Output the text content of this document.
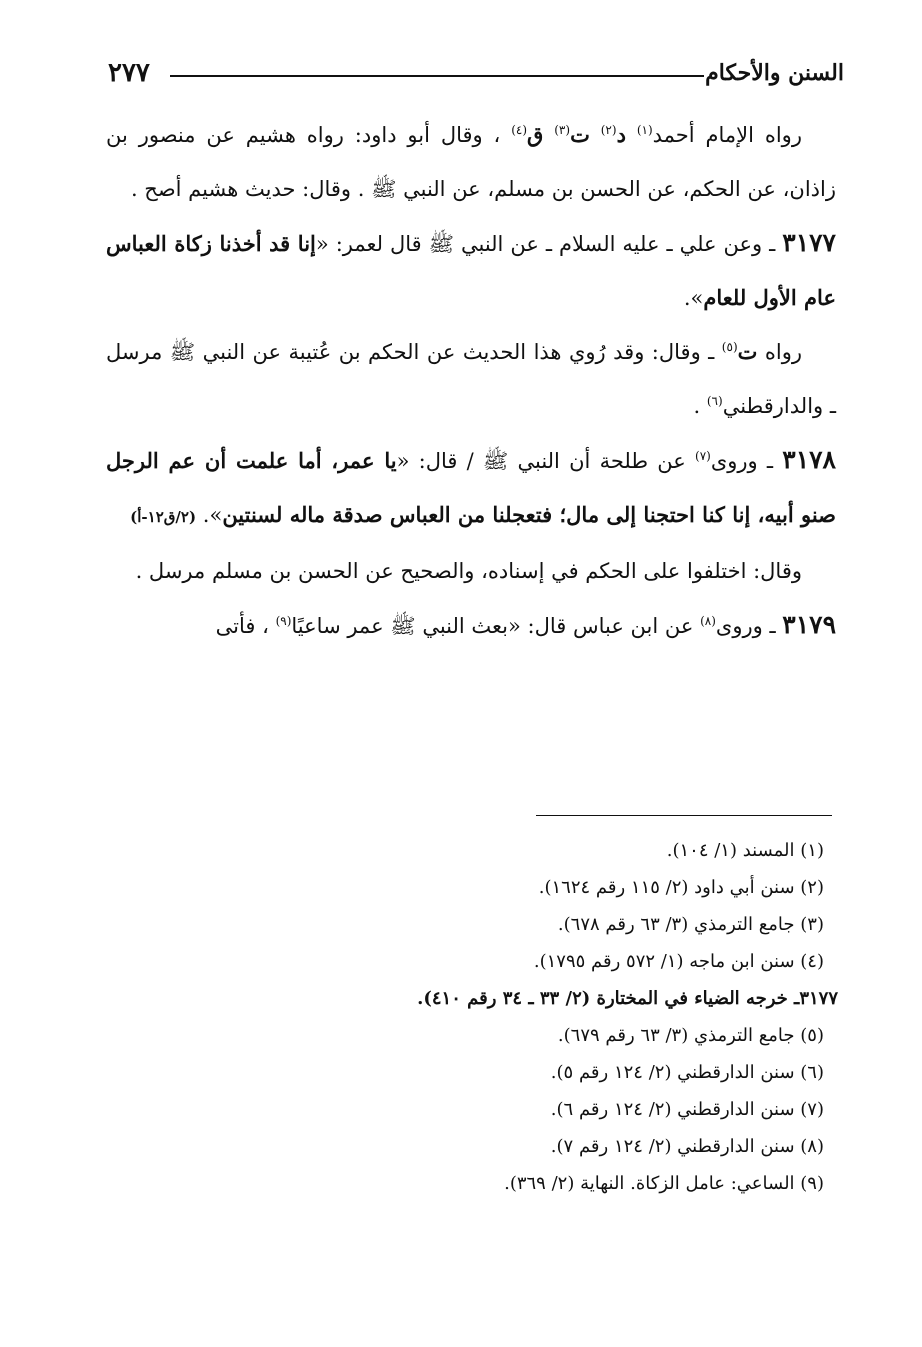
السنن والأحكام
٢٧٧

رواه الإمام أحمد$^{(١)}$ د$^{(٢)}$ ت$^{(٣)}$ ق$^{(٤)}$ ، وقال أبو داود: رواه هشيم عن منصور بن زاذان، عن الحكم، عن الحسن بن مسلم، عن النبي ﷺ . وقال: حديث هشيم أصح .

٣١٧٧ ـ وعن علي ـ عليه السلام ـ عن النبي ﷺ قال لعمر: «إنا قد أخذنا زكاة العباس عام الأول للعام».

رواه ت$^{(٥)}$ ـ وقال: وقد رُوي هذا الحديث عن الحكم بن عُتيبة عن النبي ﷺ مرسل ـ والدارقطني$^{(٦)}$ .

٣١٧٨ ـ وروى$^{(٧)}$ عن طلحة أن النبي ﷺ / قال: «يا عمر، أما علمت أن عم الرجل صنو أبيه، إنا كنا احتجنا إلى مال؛ فتعجلنا من العباس صدقة ماله لسنتين». (٢/ق١٢-أ)

وقال: اختلفوا على الحكم في إسناده، والصحيح عن الحسن بن مسلم مرسل .

٣١٧٩ ـ وروى$^{(٨)}$ عن ابن عباس قال: «بعث النبي ﷺ عمر ساعيًا$^{(٩)}$ ، فأتى

(١) المسند (١/ ١٠٤).

(٢) سنن أبي داود (٢/ ١١٥ رقم ١٦٢٤).

(٣) جامع الترمذي (٣/ ٦٣ رقم ٦٧٨).

(٤) سنن ابن ماجه (١/ ٥٧٢ رقم ١٧٩٥).

٣١٧٧ـ خرجه الضياء في المختارة (٢/ ٣٣ ـ ٣٤ رقم ٤١٠).

(٥) جامع الترمذي (٣/ ٦٣ رقم ٦٧٩).

(٦) سنن الدارقطني (٢/ ١٢٤ رقم ٥).

(٧) سنن الدارقطني (٢/ ١٢٤ رقم ٦).

(٨) سنن الدارقطني (٢/ ١٢٤ رقم ٧).

(٩) الساعي: عامل الزكاة. النهاية (٢/ ٣٦٩).
